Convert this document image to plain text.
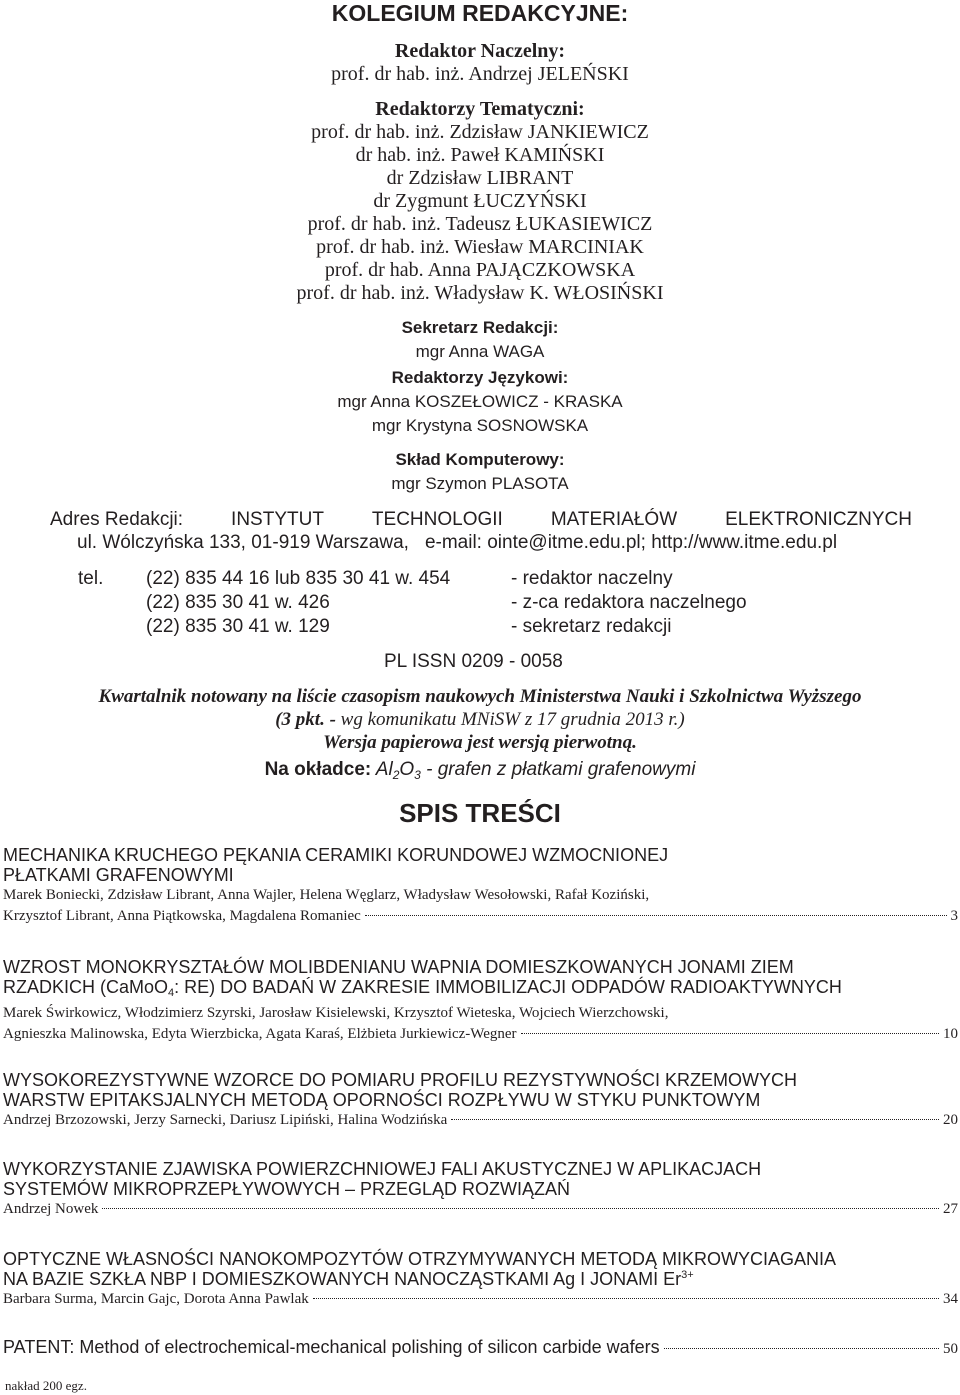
KOLEGIUM REDAKCYJNE:
Redaktor Naczelny:
prof. dr hab. inż. Andrzej JELEŃSKI
Redaktorzy Tematyczni:
prof. dr hab. inż. Zdzisław JANKIEWICZ
dr hab. inż. Paweł KAMIŃSKI
dr Zdzisław LIBRANT
dr Zygmunt ŁUCZYŃSKI
prof. dr hab. inż. Tadeusz ŁUKASIEWICZ
prof. dr hab. inż. Wiesław MARCINIAK
prof. dr hab. Anna PAJĄCZKOWSKA
prof. dr hab. inż. Władysław K. WŁOSIŃSKI
Sekretarz Redakcji:
mgr Anna WAGA
Redaktorzy Językowi:
mgr Anna KOSZEŁOWICZ - KRASKA
mgr Krystyna SOSNOWSKA
Skład Komputerowy:
mgr Szymon PLASOTA
Adres Redakcji:	INSTYTUT	TECHNOLOGII	MATERIAŁÓW	ELEKTRONICZNYCH
ul. Wólczyńska 133, 01-919 Warszawa, e-mail: ointe@itme.edu.pl; http://www.itme.edu.pl
tel.	(22) 835 44 16 lub 835 30 41 w. 454	- redaktor naczelny
(22) 835 30 41 w. 426	- z-ca redaktora naczelnego
(22) 835 30 41 w. 129	- sekretarz redakcji
PL ISSN 0209 - 0058
Kwartalnik notowany na liście czasopism naukowych Ministerstwa Nauki i Szkolnictwa Wyższego
(3 pkt. - wg komunikatu MNiSW z 17 grudnia 2013 r.)
Wersja papierowa jest wersją pierwotną.
Na okładce: $Al_2O_3$ - grafen z płatkami grafenowymi
SPIS TREŚCI
MECHANIKA KRUCHEGO PĘKANIA CERAMIKI KORUNDOWEJ WZMOCNIONEJ
PŁATKAMI GRAFENOWYMI
Marek Boniecki, Zdzisław Librant, Anna Wajler, Helena Węglarz, Władysław Wesołowski, Rafał Koziński,
Krzysztof Librant, Anna Piątkowska, Magdalena Romaniec	3
WZROST MONOKRYSZTAŁÓW MOLIBDENIANU WAPNIA DOMIESZKOWANYCH JONAMI ZIEM
RZADKICH (CaMoO$_4$: RE) DO BADAŃ W ZAKRESIE IMMOBILIZACJI ODPADÓW RADIOAKTYWNYCH
Marek Świrkowicz, Włodzimierz Szyrski, Jarosław Kisielewski, Krzysztof Wieteska, Wojciech Wierzchowski,
Agnieszka Malinowska, Edyta Wierzbicka, Agata Karaś, Elżbieta Jurkiewicz-Wegner	10
WYSOKOREZYSTYWNE WZORCE DO POMIARU PROFILU REZYSTYWNOŚCI KRZEMOWYCH
WARSTW EPITAKSJALNYCH METODĄ OPORNOŚCI ROZPŁYWU W STYKU PUNKTOWYM
Andrzej Brzozowski, Jerzy Sarnecki, Dariusz Lipiński, Halina Wodzińska	20
WYKORZYSTANIE ZJAWISKA POWIERZCHNIOWEJ FALI AKUSTYCZNEJ W APLIKACJACH
SYSTEMÓW MIKROPRZEPŁYWOWYCH – PRZEGLĄD ROZWIĄZAŃ
Andrzej Nowek	27
OPTYCZNE WŁASNOŚCI NANOKOMPOZYTÓW OTRZYMYWANYCH METODĄ MIKROWYCIAGANIA
NA BAZIE SZKŁA NBP I DOMIESZKOWANYCH NANOCZĄSTKAMI Ag I JONAMI $Er^{3+}$
Barbara Surma, Marcin Gajc, Dorota Anna Pawlak	34
PATENT: Method of electrochemical-mechanical polishing of silicon carbide wafers	50
nakład 200 egz.
